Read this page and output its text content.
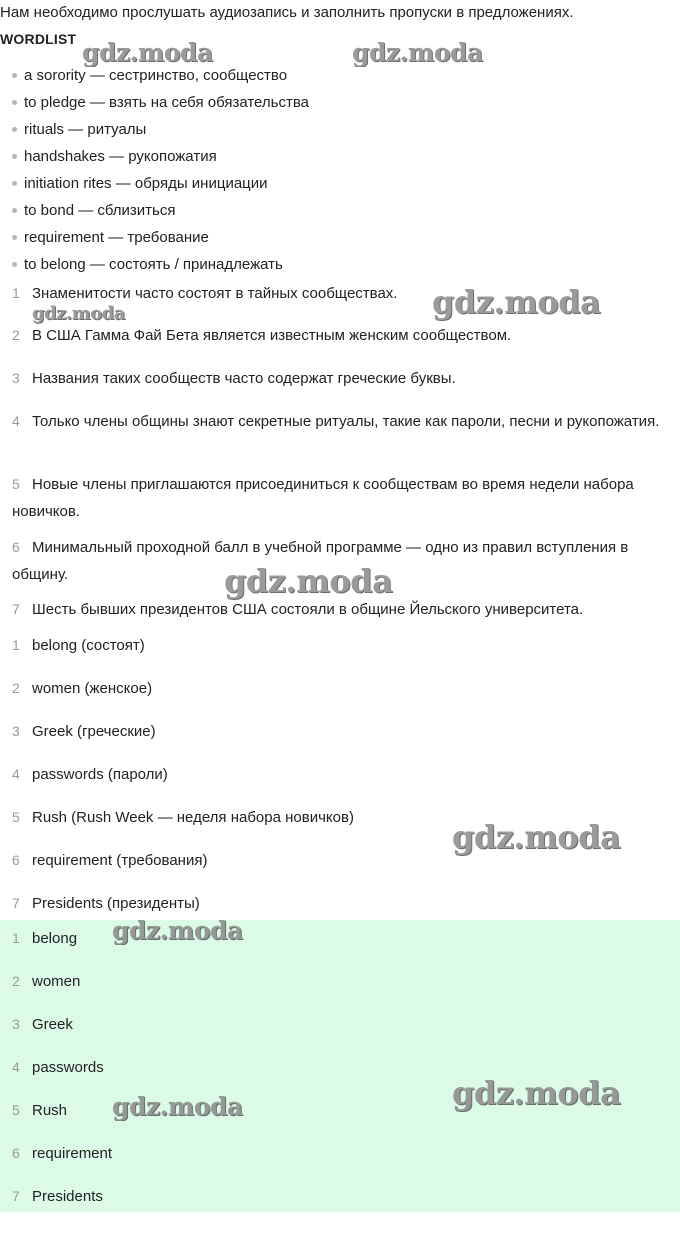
Нам необходимо прослушать аудиозапись и заполнить пропуски в предложениях.
WORDLIST
a sorority — сестринство, сообщество
to pledge — взять на себя обязательства
rituals — ритуалы
handshakes — рукопожатия
initiation rites — обряды инициации
to bond — сблизиться
requirement — требование
to belong — состоять / принадлежать
1 Знаменитости часто состоят в тайных сообществах.
2 В США Гамма Фай Бета является известным женским сообществом.
3 Названия таких сообществ часто содержат греческие буквы.
4 Только члены общины знают секретные ритуалы, такие как пароли, песни и рукопожатия.
5 Новые члены приглашаются присоединиться к сообществам во время недели набора новичков.
6 Минимальный проходной балл в учебной программе — одно из правил вступления в общину.
7 Шесть бывших президентов США состояли в общине Йельского университета.
1 belong (состоят)
2 women (женское)
3 Greek (греческие)
4 passwords (пароли)
5 Rush (Rush Week — неделя набора новичков)
6 requirement (требования)
7 Presidents (президенты)
1 belong
2 women
3 Greek
4 passwords
5 Rush
6 requirement
7 Presidents
gdz.moda	gdz.moda
gdz.moda
gdz.moda
gdz.moda
gdz.moda
gdz.moda
gdz.moda
gdz.moda
